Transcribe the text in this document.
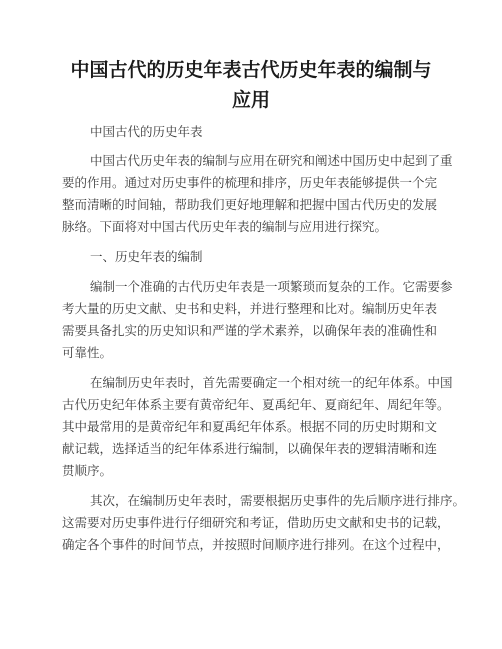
中国古代的历史年表古代历史年表的编制与
应用
中国古代的历史年表
中国古代历史年表的编制与应用在研究和阐述中国历史中起到了重
要的作用。通过对历史事件的梳理和排序，历史年表能够提供一个完
整而清晰的时间轴，帮助我们更好地理解和把握中国古代历史的发展
脉络。下面将对中国古代历史年表的编制与应用进行探究。
一、历史年表的编制
编制一个准确的古代历史年表是一项繁琐而复杂的工作。它需要参
考大量的历史文献、史书和史料，并进行整理和比对。编制历史年表
需要具备扎实的历史知识和严谨的学术素养，以确保年表的准确性和
可靠性。
在编制历史年表时，首先需要确定一个相对统一的纪年体系。中国
古代历史纪年体系主要有黄帝纪年、夏禹纪年、夏商纪年、周纪年等。
其中最常用的是黄帝纪年和夏禹纪年体系。根据不同的历史时期和文
献记载，选择适当的纪年体系进行编制，以确保年表的逻辑清晰和连
贯顺序。
其次，在编制历史年表时，需要根据历史事件的先后顺序进行排序。
这需要对历史事件进行仔细研究和考证，借助历史文献和史书的记载，
确定各个事件的时间节点，并按照时间顺序进行排列。在这个过程中，
